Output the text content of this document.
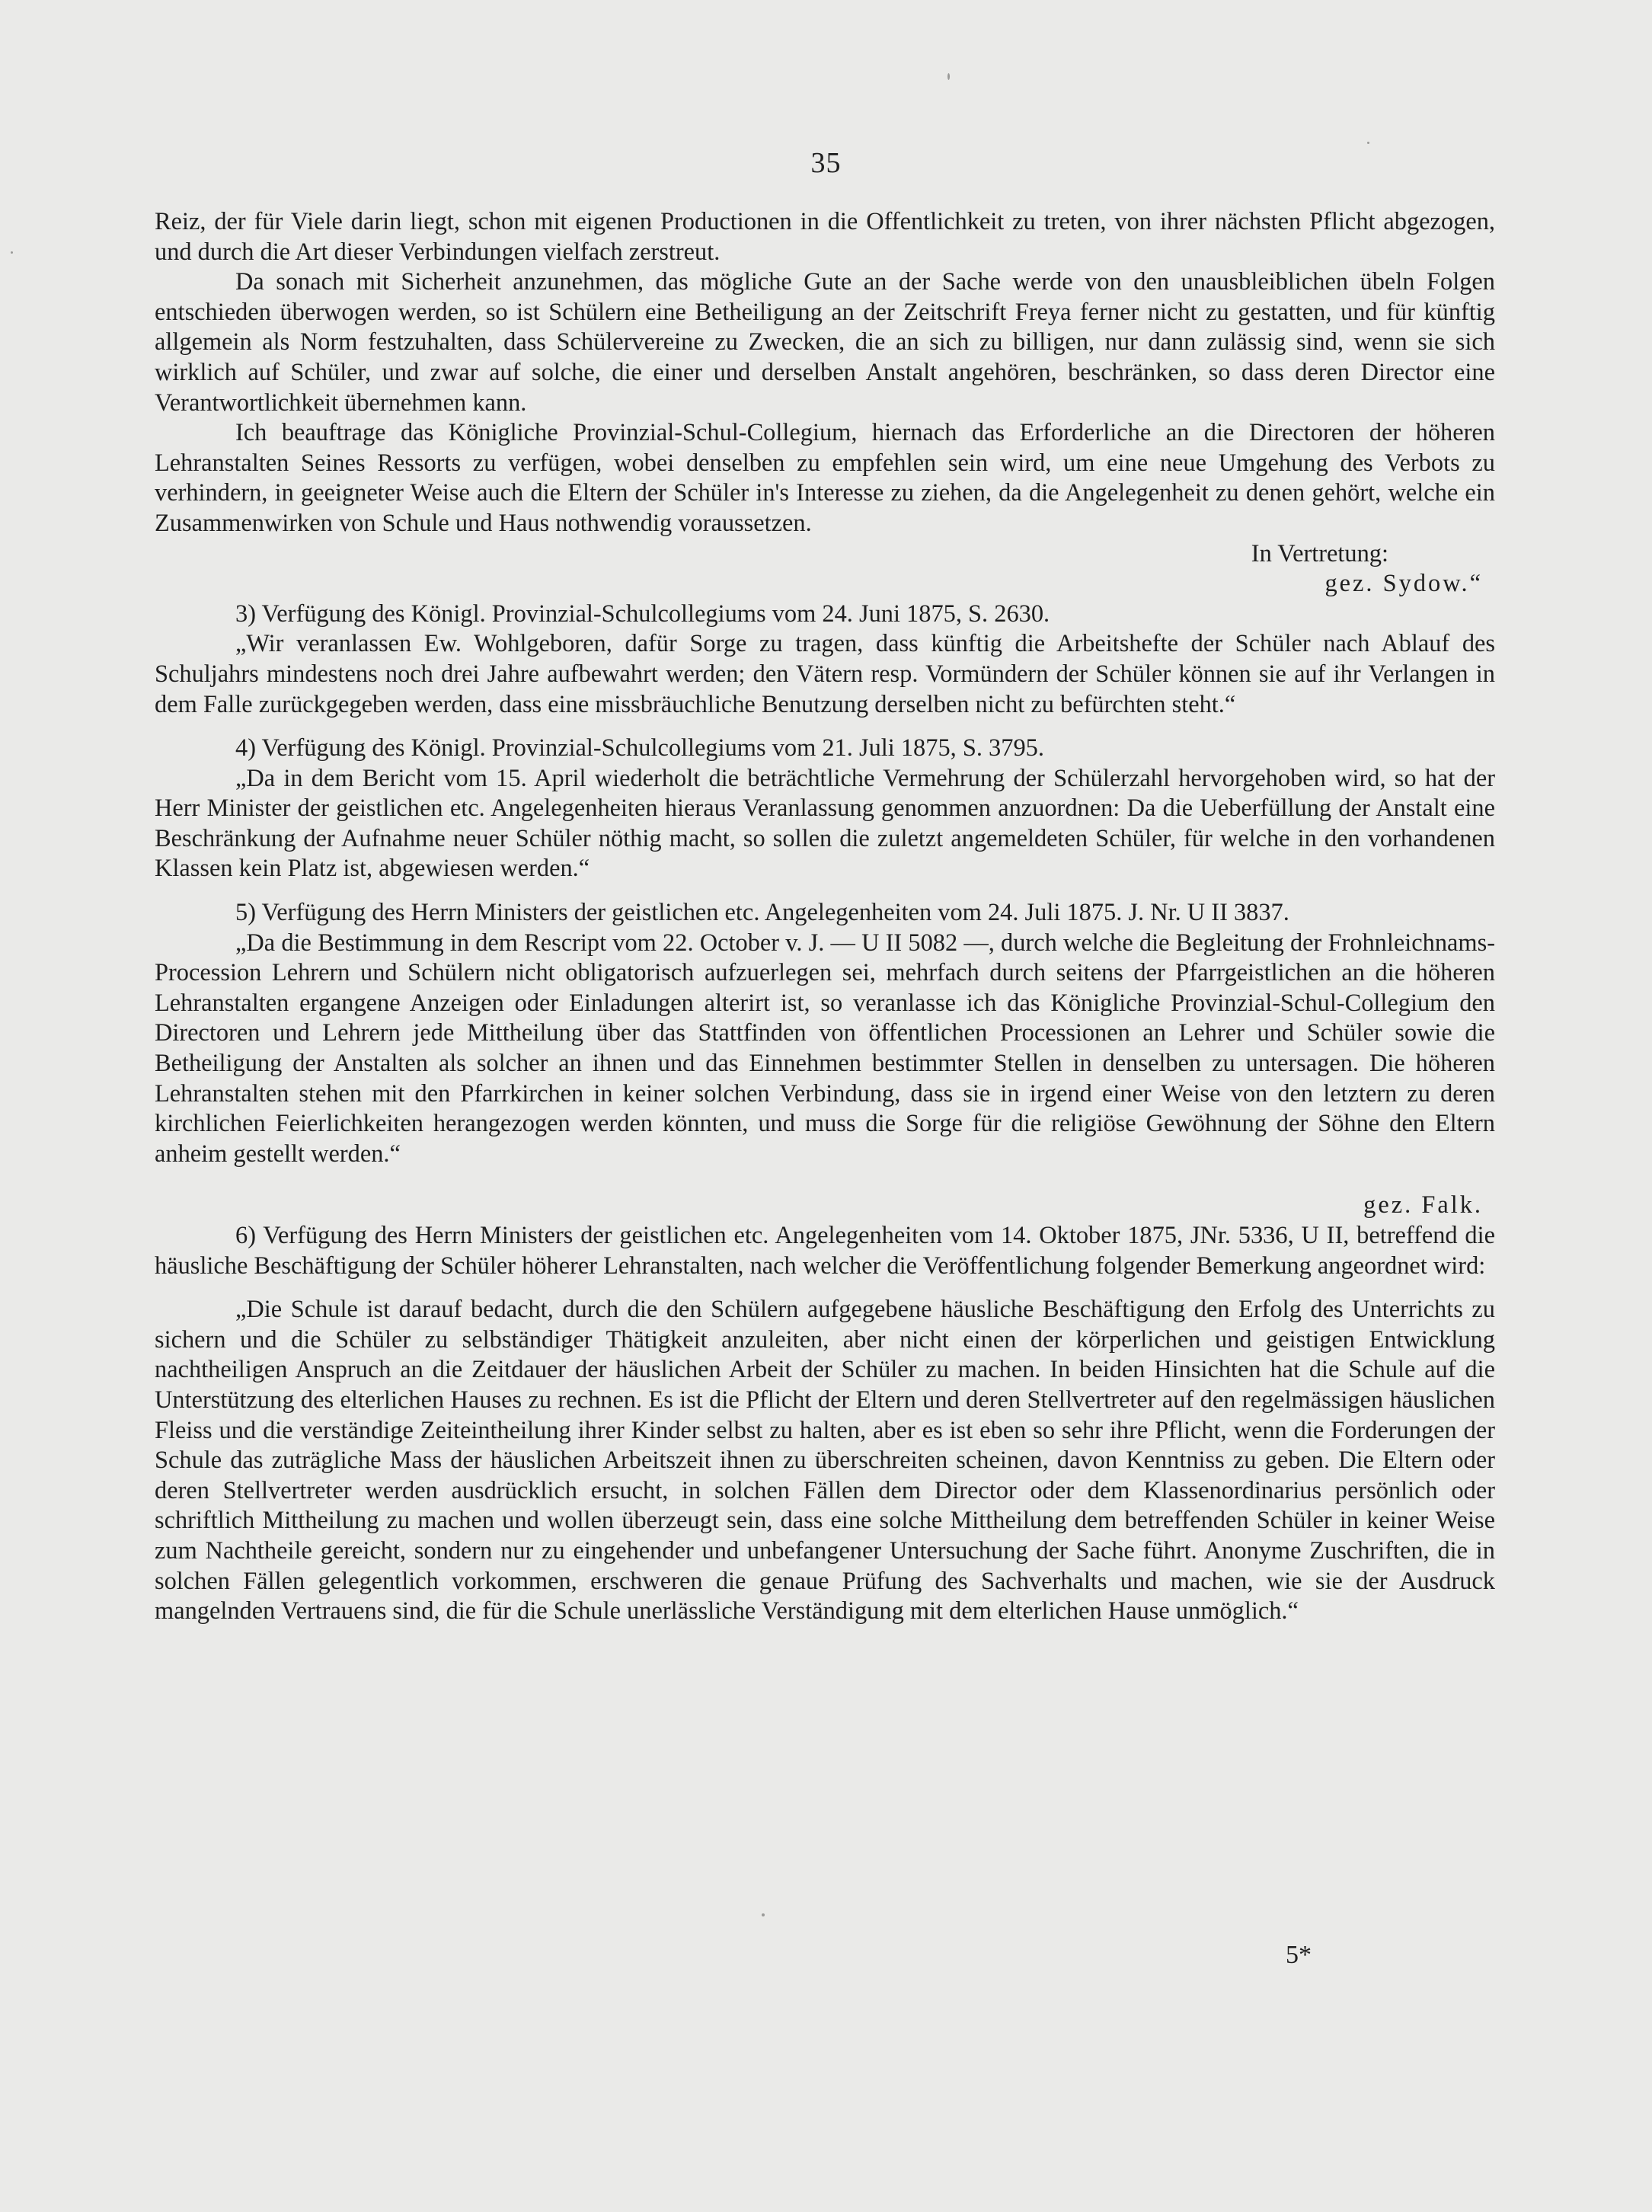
35

Reiz, der für Viele darin liegt, schon mit eigenen Productionen in die Offentlichkeit zu treten, von ihrer nächsten Pflicht abgezogen, und durch die Art dieser Verbindungen vielfach zerstreut.

Da sonach mit Sicherheit anzunehmen, das mögliche Gute an der Sache werde von den unausbleiblichen übeln Folgen entschieden überwogen werden, so ist Schülern eine Betheiligung an der Zeitschrift Freya ferner nicht zu gestatten, und für künftig allgemein als Norm festzuhalten, dass Schülervereine zu Zwecken, die an sich zu billigen, nur dann zulässig sind, wenn sie sich wirklich auf Schüler, und zwar auf solche, die einer und derselben Anstalt angehören, beschränken, so dass deren Director eine Verantwortlichkeit übernehmen kann.

Ich beauftrage das Königliche Provinzial-Schul-Collegium, hiernach das Erforderliche an die Directoren der höheren Lehranstalten Seines Ressorts zu verfügen, wobei denselben zu empfehlen sein wird, um eine neue Umgehung des Verbots zu verhindern, in geeigneter Weise auch die Eltern der Schüler in's Interesse zu ziehen, da die Angelegenheit zu denen gehört, welche ein Zusammenwirken von Schule und Haus nothwendig voraussetzen.

In Vertretung:

gez. Sydow.“

3) Verfügung des Königl. Provinzial-Schulcollegiums vom 24. Juni 1875, S. 2630.

„Wir veranlassen Ew. Wohlgeboren, dafür Sorge zu tragen, dass künftig die Arbeitshefte der Schüler nach Ablauf des Schuljahrs mindestens noch drei Jahre aufbewahrt werden; den Vätern resp. Vormündern der Schüler können sie auf ihr Verlangen in dem Falle zurückgegeben werden, dass eine missbräuchliche Benutzung derselben nicht zu befürchten steht.“

4) Verfügung des Königl. Provinzial-Schulcollegiums vom 21. Juli 1875, S. 3795.

„Da in dem Bericht vom 15. April wiederholt die beträchtliche Vermehrung der Schülerzahl hervorgehoben wird, so hat der Herr Minister der geistlichen etc. Angelegenheiten hieraus Veranlassung genommen anzuordnen: Da die Ueberfüllung der Anstalt eine Beschränkung der Aufnahme neuer Schüler nöthig macht, so sollen die zuletzt angemeldeten Schüler, für welche in den vorhandenen Klassen kein Platz ist, abgewiesen werden.“

5) Verfügung des Herrn Ministers der geistlichen etc. Angelegenheiten vom 24. Juli 1875. J. Nr. U II 3837.

„Da die Bestimmung in dem Rescript vom 22. October v. J. — U II 5082 —, durch welche die Begleitung der Frohnleichnams-Procession Lehrern und Schülern nicht obligatorisch aufzuerlegen sei, mehrfach durch seitens der Pfarrgeistlichen an die höheren Lehranstalten ergangene Anzeigen oder Einladungen alterirt ist, so veranlasse ich das Königliche Provinzial-Schul-Collegium den Directoren und Lehrern jede Mittheilung über das Stattfinden von öffentlichen Processionen an Lehrer und Schüler sowie die Betheiligung der Anstalten als solcher an ihnen und das Einnehmen bestimmter Stellen in denselben zu untersagen. Die höheren Lehranstalten stehen mit den Pfarrkirchen in keiner solchen Verbindung, dass sie in irgend einer Weise von den letztern zu deren kirchlichen Feierlichkeiten herangezogen werden könnten, und muss die Sorge für die religiöse Gewöhnung der Söhne den Eltern anheim gestellt werden.“

gez. Falk.

6) Verfügung des Herrn Ministers der geistlichen etc. Angelegenheiten vom 14. Oktober 1875, JNr. 5336, U II, betreffend die häusliche Beschäftigung der Schüler höherer Lehranstalten, nach welcher die Veröffentlichung folgender Bemerkung angeordnet wird:

„Die Schule ist darauf bedacht, durch die den Schülern aufgegebene häusliche Beschäftigung den Erfolg des Unterrichts zu sichern und die Schüler zu selbständiger Thätigkeit anzuleiten, aber nicht einen der körperlichen und geistigen Entwicklung nachtheiligen Anspruch an die Zeitdauer der häuslichen Arbeit der Schüler zu machen. In beiden Hinsichten hat die Schule auf die Unterstützung des elterlichen Hauses zu rechnen. Es ist die Pflicht der Eltern und deren Stellvertreter auf den regelmässigen häuslichen Fleiss und die verständige Zeiteintheilung ihrer Kinder selbst zu halten, aber es ist eben so sehr ihre Pflicht, wenn die Forderungen der Schule das zuträgliche Mass der häuslichen Arbeitszeit ihnen zu überschreiten scheinen, davon Kenntniss zu geben. Die Eltern oder deren Stellvertreter werden ausdrücklich ersucht, in solchen Fällen dem Director oder dem Klassenordinarius persönlich oder schriftlich Mittheilung zu machen und wollen überzeugt sein, dass eine solche Mittheilung dem betreffenden Schüler in keiner Weise zum Nachtheile gereicht, sondern nur zu eingehender und unbefangener Untersuchung der Sache führt. Anonyme Zuschriften, die in solchen Fällen gelegentlich vorkommen, erschweren die genaue Prüfung des Sachverhalts und machen, wie sie der Ausdruck mangelnden Vertrauens sind, die für die Schule unerlässliche Verständigung mit dem elterlichen Hause unmöglich.“

5*
